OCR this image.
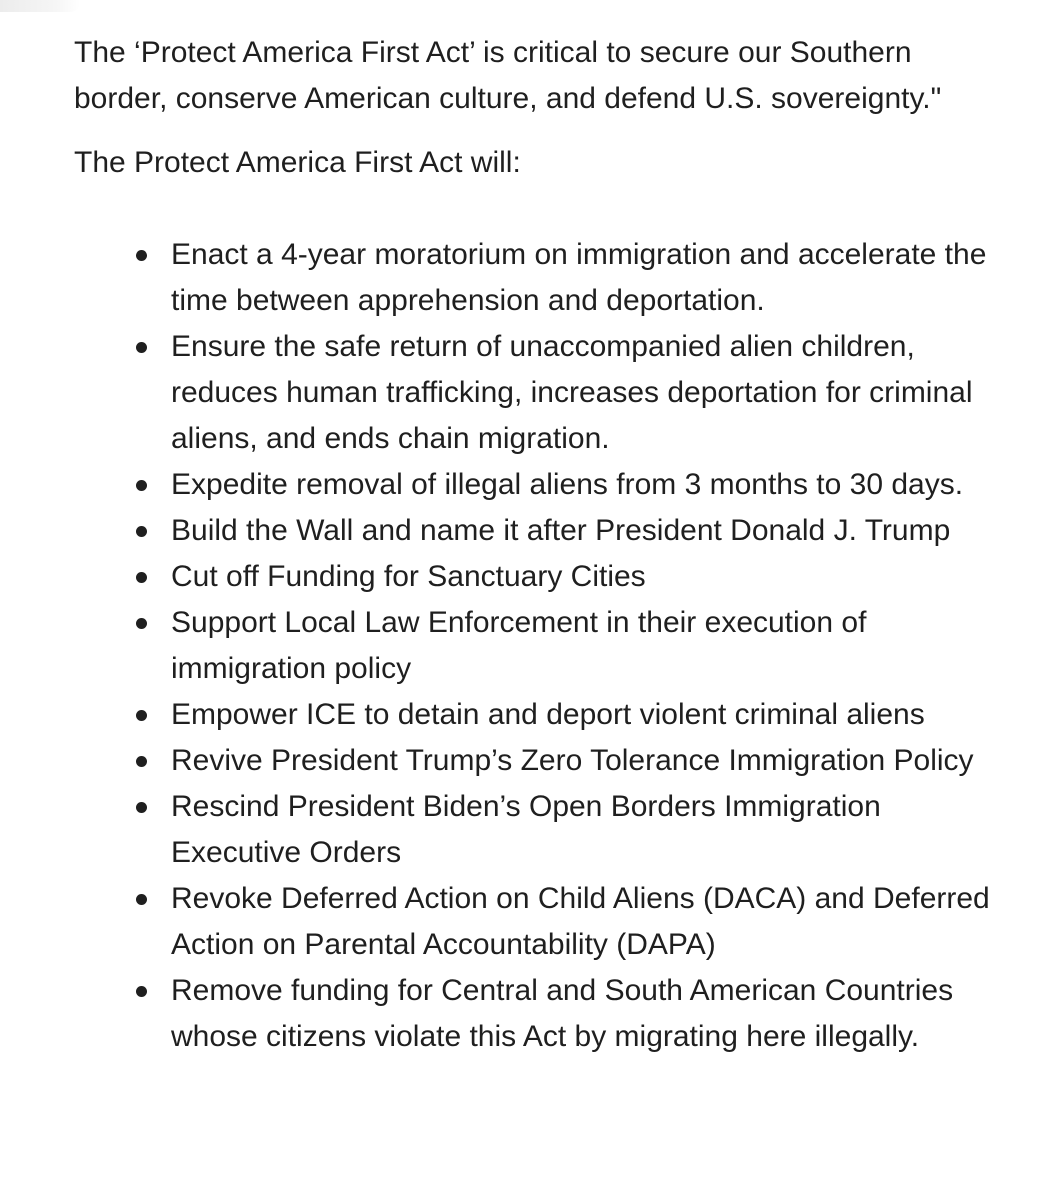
The ‘Protect America First Act’ is critical to secure our Southern border, conserve American culture, and defend U.S. sovereignty."

The Protect America First Act will:

Enact a 4-year moratorium on immigration and accelerate the time between apprehension and deportation.
Ensure the safe return of unaccompanied alien children, reduces human trafficking, increases deportation for criminal aliens, and ends chain migration.
Expedite removal of illegal aliens from 3 months to 30 days.
Build the Wall and name it after President Donald J. Trump
Cut off Funding for Sanctuary Cities
Support Local Law Enforcement in their execution of immigration policy
Empower ICE to detain and deport violent criminal aliens
Revive President Trump’s Zero Tolerance Immigration Policy
Rescind President Biden’s Open Borders Immigration Executive Orders
Revoke Deferred Action on Child Aliens (DACA) and Deferred Action on Parental Accountability (DAPA)
Remove funding for Central and South American Countries whose citizens violate this Act by migrating here illegally.
